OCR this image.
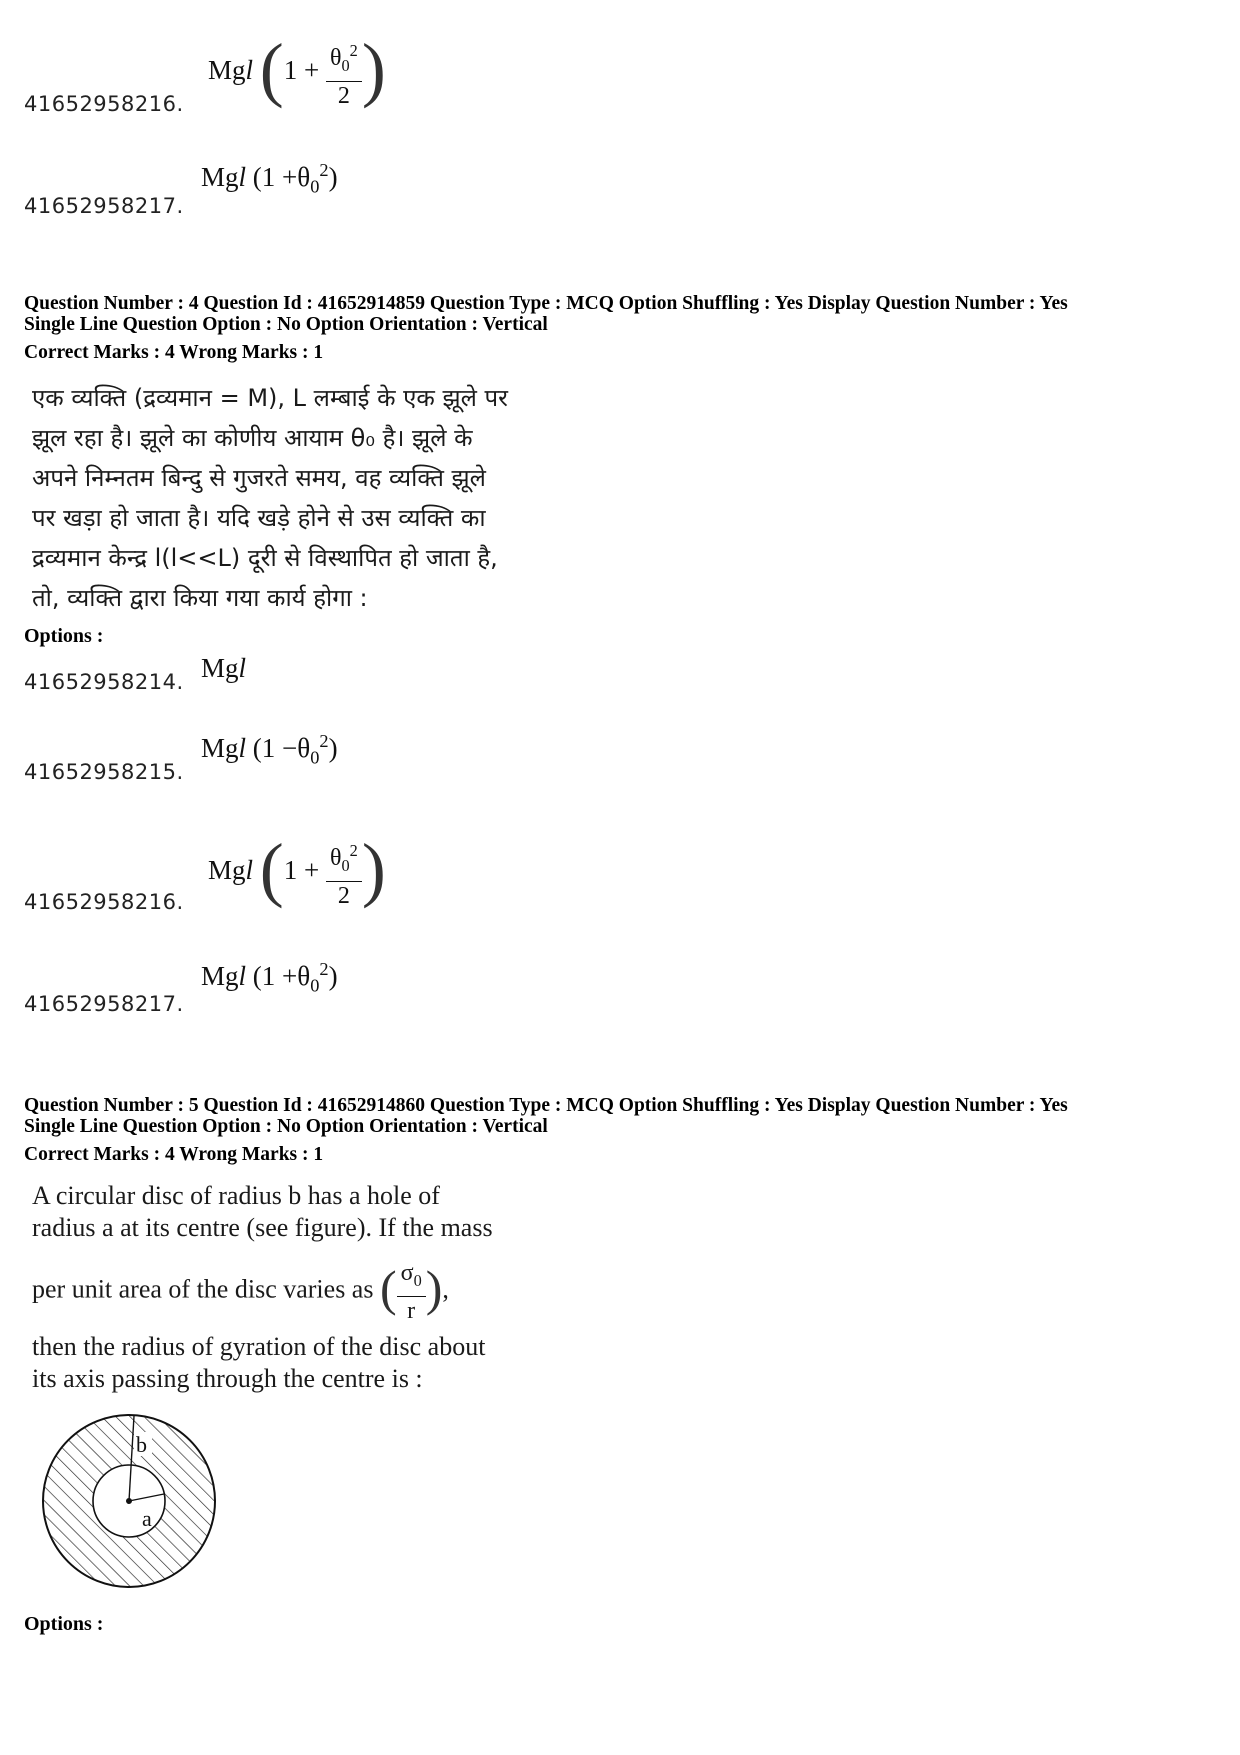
41652958216.
Mgl ($1 + \frac{\theta_0^2}{2}$ )
41652958217.
Mgl $(1 +\theta_0^2)$
Question Number : 4 Question Id : 41652914859 Question Type : MCQ Option Shuffling : Yes Display Question Number : Yes
Single Line Question Option : No Option Orientation : Vertical
Correct Marks : 4 Wrong Marks : 1
एक व्यक्ति (द्रव्यमान = M), L लम्बाई के एक झूले पर
झूल रहा है। झूले का कोणीय आयाम θ₀ है। झूले के
अपने निम्नतम बिन्दु से गुजरते समय, वह व्यक्ति झूले
पर खड़ा हो जाता है। यदि खड़े होने से उस व्यक्ति का
द्रव्यमान केन्द्र l(l<<L) दूरी से विस्थापित हो जाता है,
तो, व्यक्ति द्वारा किया गया कार्य होगा :
Options :
41652958214. Mgl
41652958215.
Mgl $(1 -\theta_0^2)$
41652958216.
Mgl ($1 + \frac{\theta_0^2}{2}$ )
41652958217.
Mgl $(1 +\theta_0^2)$
Question Number : 5 Question Id : 41652914860 Question Type : MCQ Option Shuffling : Yes Display Question Number : Yes
Single Line Question Option : No Option Orientation : Vertical
Correct Marks : 4 Wrong Marks : 1
A circular disc of radius b has a hole of
radius a at its centre (see figure). If the mass
per unit area of the disc varies as ( $\frac{\sigma_0}{r}$ ),
then the radius of gyration of the disc about
its axis passing through the centre is :
b
a
Options :
